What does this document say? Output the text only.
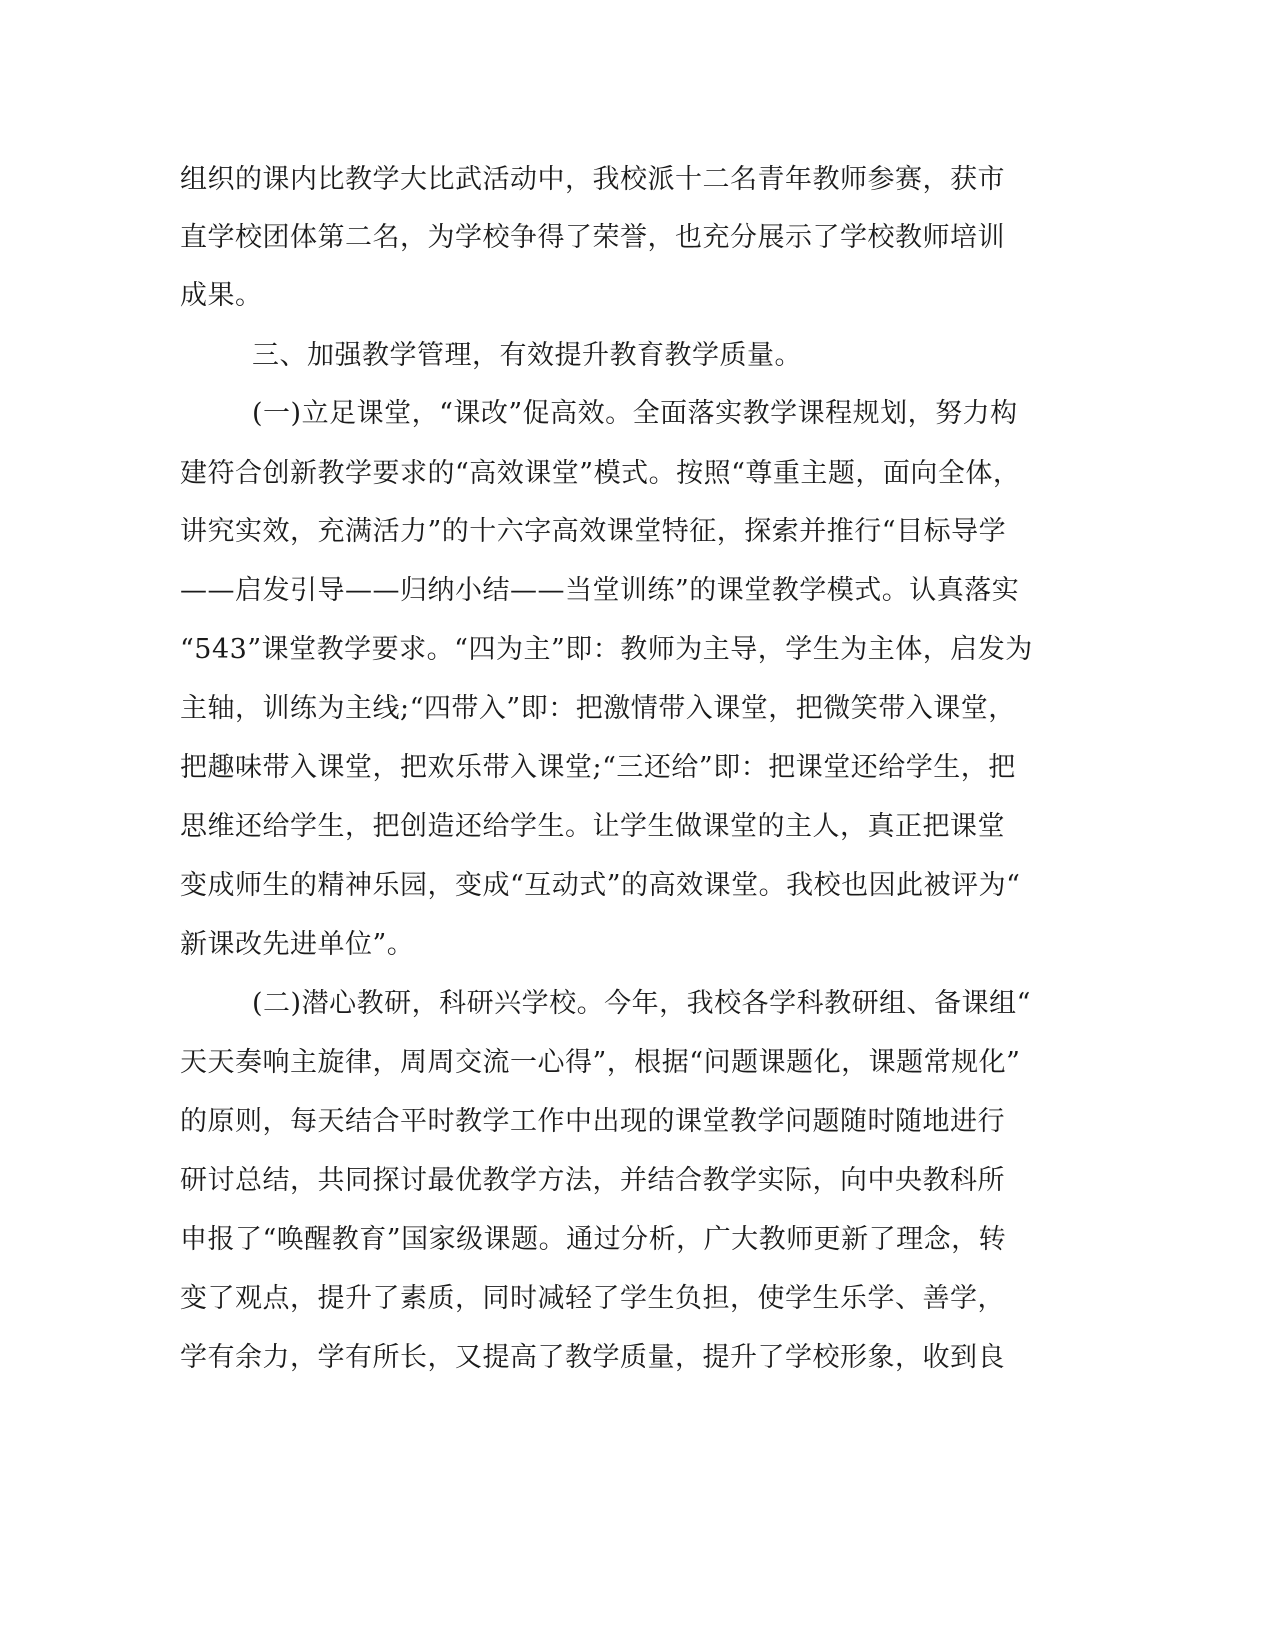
组织的课内比教学大比武活动中，我校派十二名青年教师参赛，获市
直学校团体第二名，为学校争得了荣誉，也充分展示了学校教师培训
成果。
三、加强教学管理，有效提升教育教学质量。
(一)立足课堂，“课改”促高效。全面落实教学课程规划，努力构
建符合创新教学要求的“高效课堂”模式。按照“尊重主题，面向全体，
讲究实效，充满活力”的十六字高效课堂特征，探索并推行“目标导学
——启发引导——归纳小结——当堂训练”的课堂教学模式。认真落实
“543”课堂教学要求。“四为主”即：教师为主导，学生为主体，启发为
主轴，训练为主线;“四带入”即：把激情带入课堂，把微笑带入课堂，
把趣味带入课堂，把欢乐带入课堂;“三还给”即：把课堂还给学生，把
思维还给学生，把创造还给学生。让学生做课堂的主人，真正把课堂
变成师生的精神乐园，变成“互动式”的高效课堂。我校也因此被评为“
新课改先进单位”。
(二)潜心教研，科研兴学校。今年，我校各学科教研组、备课组“
天天奏响主旋律，周周交流一心得”，根据“问题课题化，课题常规化”
的原则，每天结合平时教学工作中出现的课堂教学问题随时随地进行
研讨总结，共同探讨最优教学方法，并结合教学实际，向中央教科所
申报了“唤醒教育”国家级课题。通过分析，广大教师更新了理念，转
变了观点，提升了素质，同时减轻了学生负担，使学生乐学、善学，
学有余力，学有所长，又提高了教学质量，提升了学校形象，收到良
